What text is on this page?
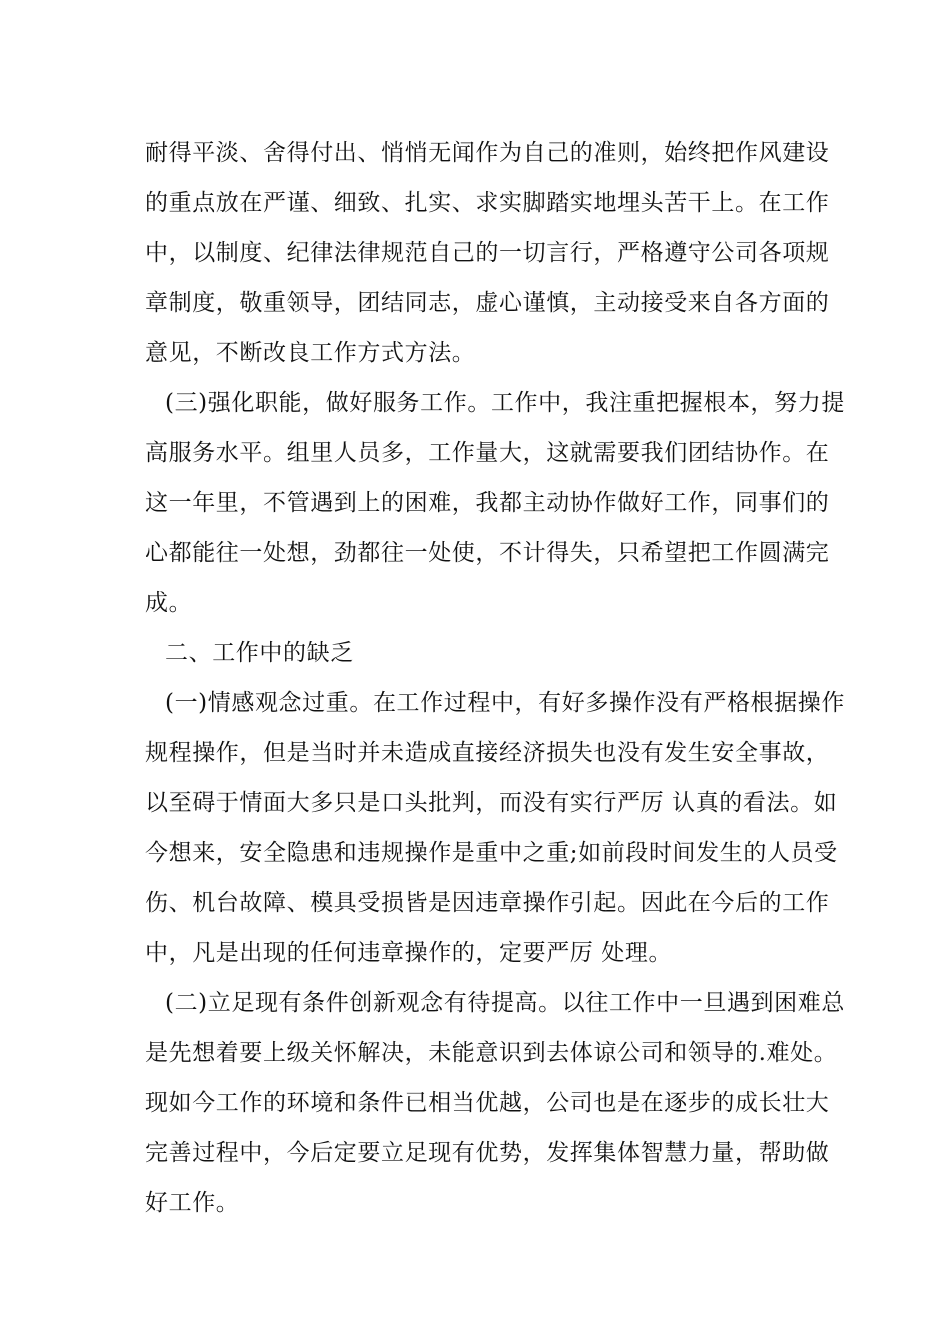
耐得平淡、舍得付出、悄悄无闻作为自己的准则，始终把作风建设
的重点放在严谨、细致、扎实、求实脚踏实地埋头苦干上。在工作
中，以制度、纪律法律规范自己的一切言行，严格遵守公司各项规
章制度，敬重领导，团结同志，虚心谨慎，主动接受来自各方面的
意见，不断改良工作方式方法。
(三)强化职能，做好服务工作。工作中，我注重把握根本，努力提
高服务水平。组里人员多，工作量大，这就需要我们团结协作。在
这一年里，不管遇到上的困难，我都主动协作做好工作，同事们的
心都能往一处想，劲都往一处使，不计得失，只希望把工作圆满完
成。
二、工作中的缺乏
(一)情感观念过重。在工作过程中，有好多操作没有严格根据操作
规程操作，但是当时并未造成直接经济损失也没有发生安全事故，
以至碍于情面大多只是口头批判，而没有实行严厉 认真的看法。如
今想来，安全隐患和违规操作是重中之重;如前段时间发生的人员受
伤、机台故障、模具受损皆是因违章操作引起。因此在今后的工作
中，凡是出现的任何违章操作的，定要严厉 处理。
(二)立足现有条件创新观念有待提高。以往工作中一旦遇到困难总
是先想着要上级关怀解决，未能意识到去体谅公司和领导的.难处。
现如今工作的环境和条件已相当优越，公司也是在逐步的成长壮大
完善过程中，今后定要立足现有优势，发挥集体智慧力量，帮助做
好工作。
